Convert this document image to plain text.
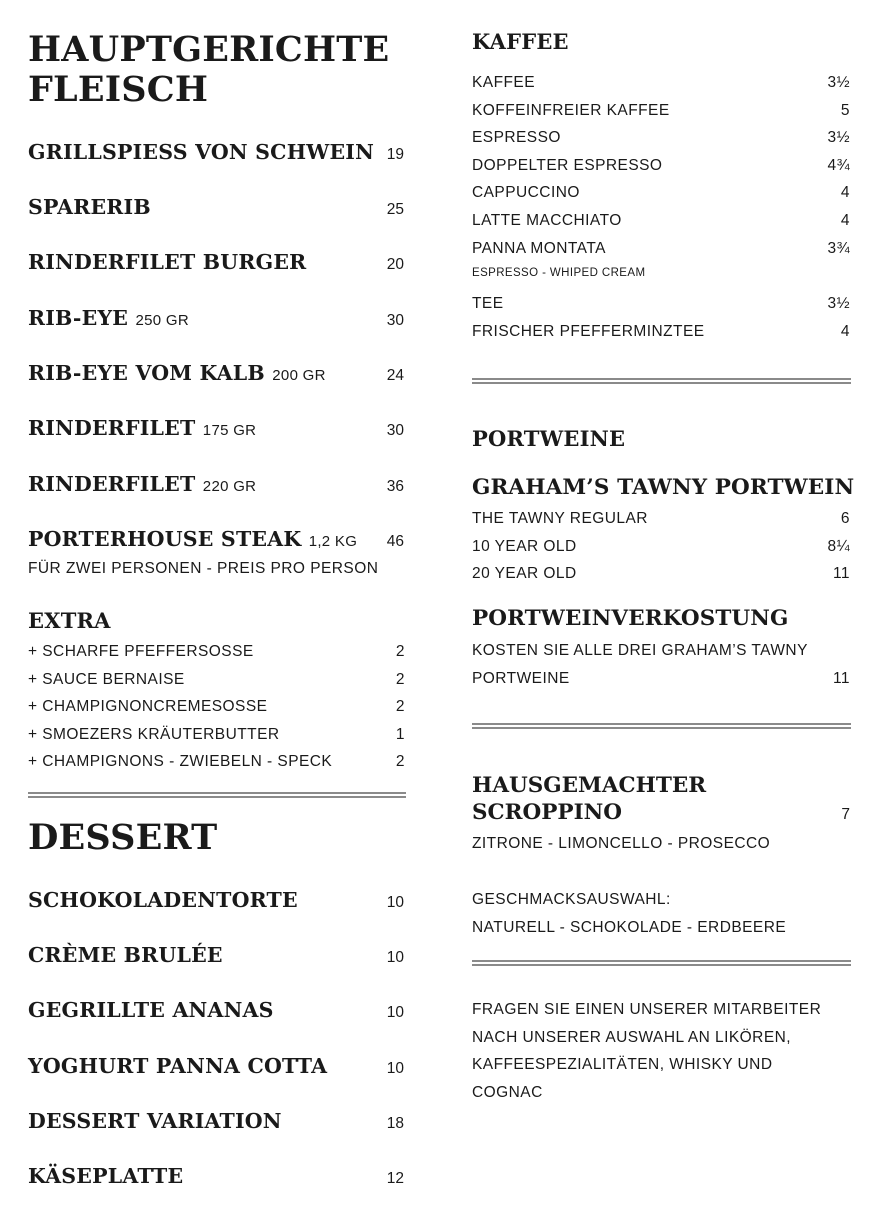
HAUPTGERICHTE
FLEISCH
GRILLSPIESS VON SCHWEIN 19
SPARERIB	25
RINDERFILET BURGER	20
RIB-EYE 250 GR	30
RIB-EYE VOM KALB 200 GR	24
RINDERFILET 175 GR	30
RINDERFILET 220 GR	36
PORTERHOUSE STEAK 1,2 KG 46
FÜR ZWEI PERSONEN - PREIS PRO PERSON
EXTRA
+ SCHARFE PFEFFERSOSSE	2
+ SAUCE BERNAISE	2
+ CHAMPIGNONCREMESOSSE	2
+ SMOEZERS KRÄUTERBUTTER	1
+ CHAMPIGNONS - ZWIEBELN - SPECK	2
DESSERT
SCHOKOLADENTORTE	10
CRÈME BRULÉE	10
GEGRILLTE ANANAS	10
YOGHURT PANNA COTTA	10
DESSERT VARIATION	18
KÄSEPLATTE	12
KAFFEE
KAFFEE	3½
KOFFEINFREIER KAFFEE	5
ESPRESSO	3½
DOPPELTER ESPRESSO	4¾
CAPPUCCINO	4
LATTE MACCHIATO	4
PANNA MONTATA	3¾
ESPRESSO - WHIPED CREAM
TEE	3½
FRISCHER PFEFFERMINZTEE	4
PORTWEINE
GRAHAM’S TAWNY PORTWEIN
THE TAWNY REGULAR	6
10 YEAR OLD	8¼
20 YEAR OLD	11
PORTWEINVERKOSTUNG
KOSTEN SIE ALLE DREI GRAHAM’S TAWNY
PORTWEINE	11
HAUSGEMACHTER
SCROPPINO	7
ZITRONE - LIMONCELLO - PROSECCO
GESCHMACKSAUSWAHL:
NATURELL - SCHOKOLADE - ERDBEERE
FRAGEN SIE EINEN UNSERER MITARBEITER
NACH UNSERER AUSWAHL AN LIKÖREN,
KAFFEESPEZIALITÄTEN, WHISKY UND
COGNAC
